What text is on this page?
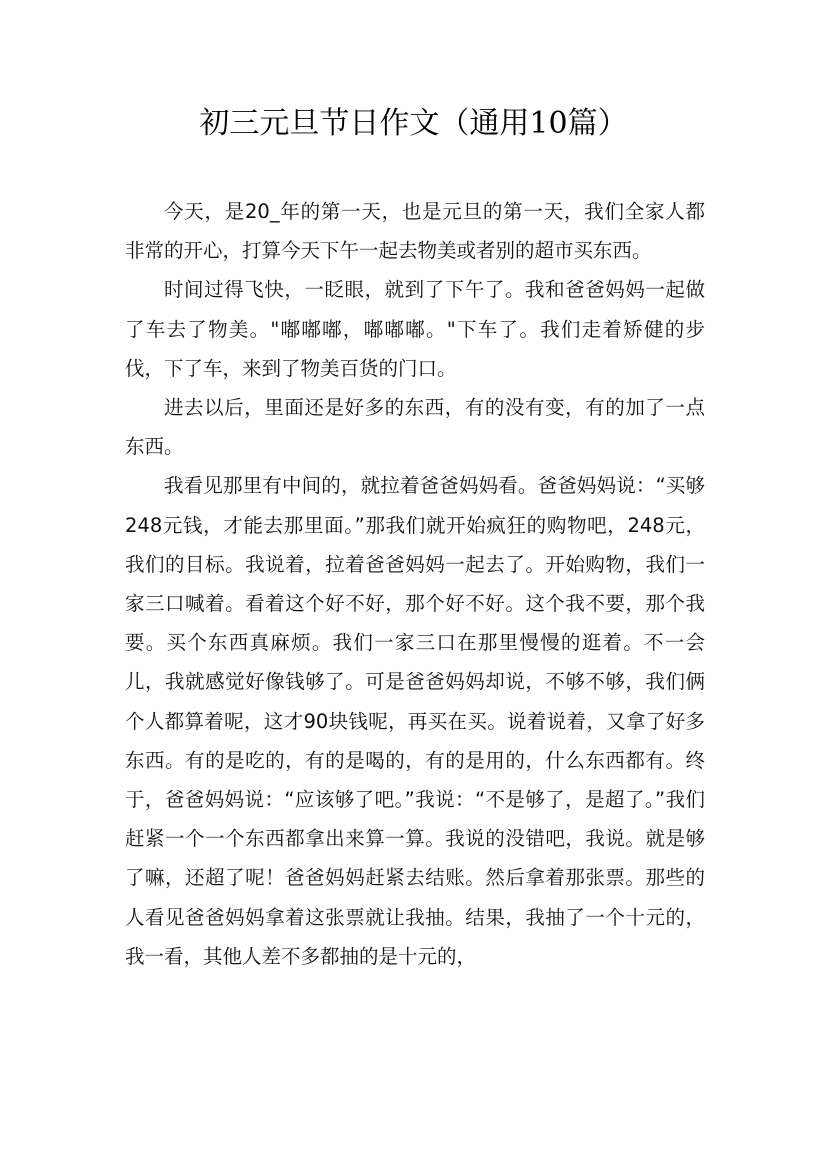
初三元旦节日作文（通用10篇）

今天，是20_年的第一天，也是元旦的第一天，我们全家人都非常的开心，打算今天下午一起去物美或者别的超市买东西。

时间过得飞快，一眨眼，就到了下午了。我和爸爸妈妈一起做了车去了物美。"嘟嘟嘟，嘟嘟嘟。"下车了。我们走着矫健的步伐，下了车，来到了物美百货的门口。

进去以后，里面还是好多的东西，有的没有变，有的加了一点东西。

我看见那里有中间的，就拉着爸爸妈妈看。爸爸妈妈说：“买够248元钱，才能去那里面。”那我们就开始疯狂的购物吧，248元，我们的目标。我说着，拉着爸爸妈妈一起去了。开始购物，我们一家三口喊着。看着这个好不好，那个好不好。这个我不要，那个我要。买个东西真麻烦。我们一家三口在那里慢慢的逛着。不一会儿，我就感觉好像钱够了。可是爸爸妈妈却说，不够不够，我们俩个人都算着呢，这才90块钱呢，再买在买。说着说着，又拿了好多东西。有的是吃的，有的是喝的，有的是用的，什么东西都有。终于，爸爸妈妈说：“应该够了吧。”我说：“不是够了，是超了。”我们赶紧一个一个东西都拿出来算一算。我说的没错吧，我说。就是够了嘛，还超了呢！爸爸妈妈赶紧去结账。然后拿着那张票。那些的人看见爸爸妈妈拿着这张票就让我抽。结果，我抽了一个十元的，我一看，其他人差不多都抽的是十元的，
